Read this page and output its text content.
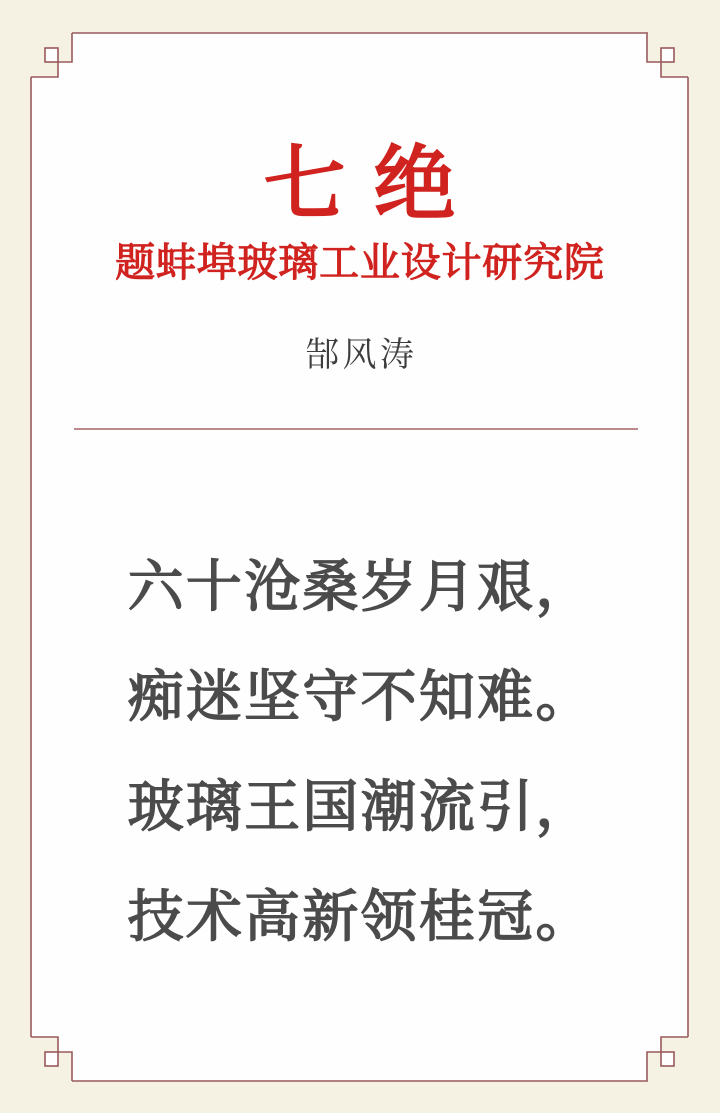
七绝
题蚌埠玻璃工业设计研究院
郜风涛
六十沧桑岁月艰，
痴迷坚守不知难。
玻璃王国潮流引，
技术高新领桂冠。
